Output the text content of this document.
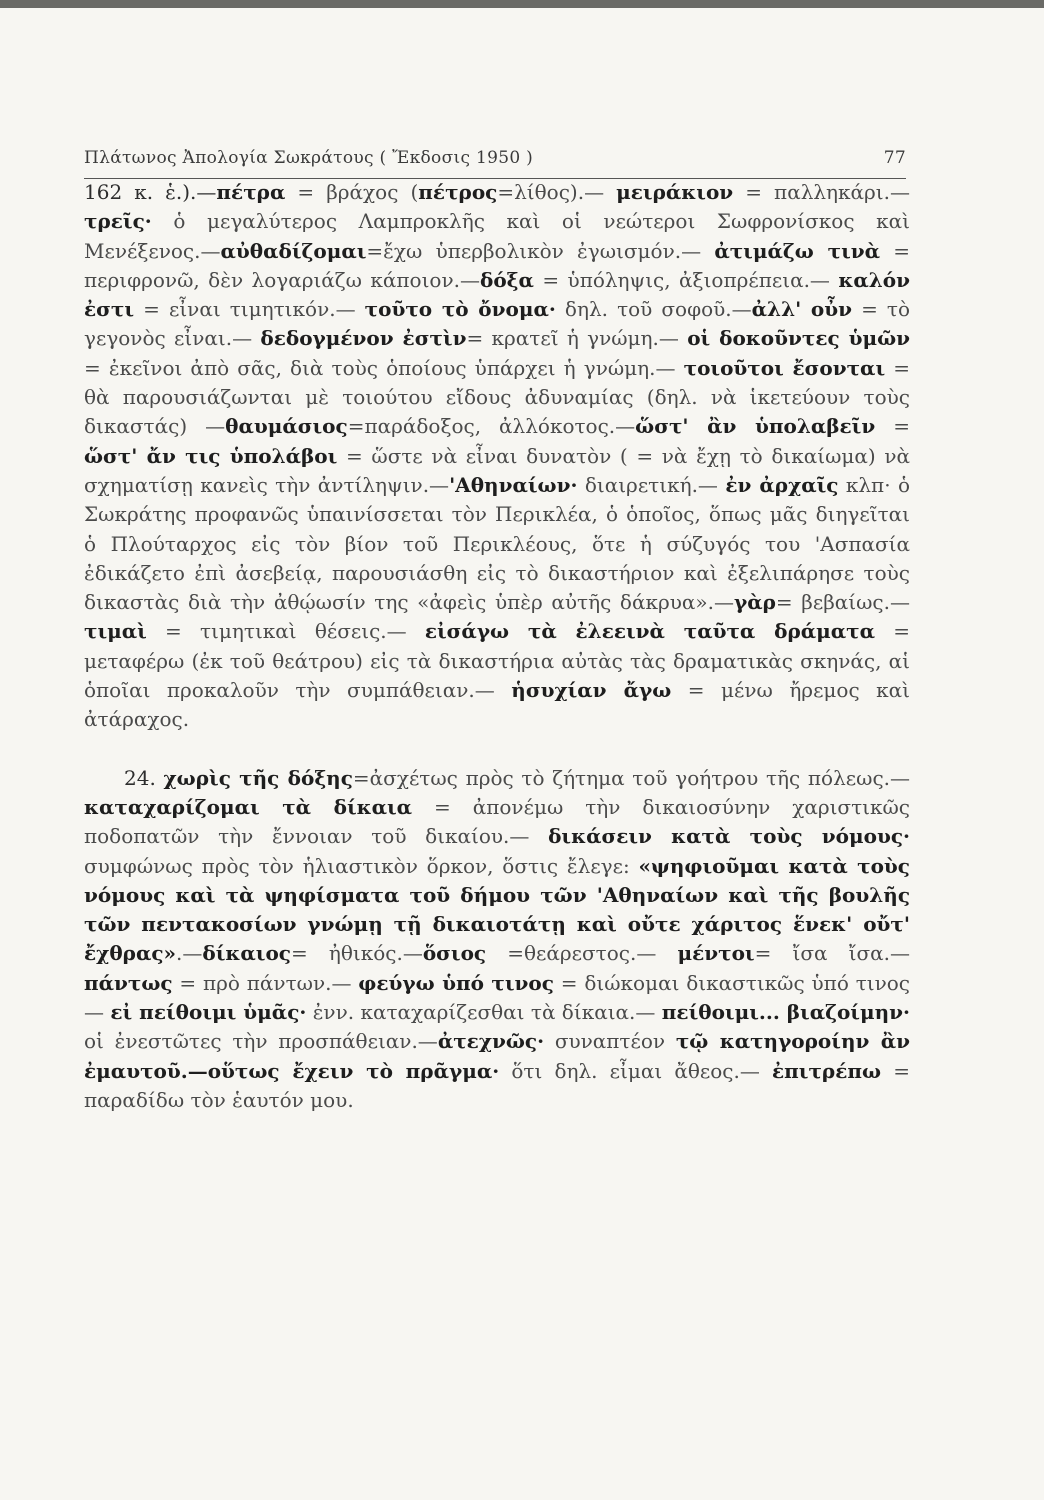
Πλάτωνος Ἀπολογία Σωκράτους ( Ἔκδοσις 1950 )	77

162 κ. ἑ.).—πέτρα = βράχος (πέτρος=λίθος).— μειράκιον = παλληκάρι.—τρεῖς· ὁ μεγαλύτερος Λαμπροκλῆς καὶ οἱ νεώτεροι Σωφρονίσκος καὶ Μενέξενος.—αὐθαδίζομαι=ἔχω ὑπερβολικὸν ἐγωισμόν.— ἀτιμάζω τινὰ = περιφρονῶ, δὲν λογαριάζω κάποιον.—δόξα = ὑπόληψις, ἀξιοπρέπεια.— καλόν ἐστι = εἶναι τιμητικόν.— τοῦτο τὸ ὄνομα· δηλ. τοῦ σοφοῦ.—ἀλλ' οὖν = τὸ γεγονὸς εἶναι.— δεδογμένον ἐστὶν= κρατεῖ ἡ γνώμη.— οἱ δοκοῦντες ὑμῶν = ἐκεῖνοι ἀπὸ σᾶς, διὰ τοὺς ὁποίους ὑπάρχει ἡ γνώμη.— τοιοῦτοι ἔσονται = θὰ παρουσιάζωνται μὲ τοιούτου εἴδους ἀδυναμίας (δηλ. νὰ ἱκετεύουν τοὺς δικαστάς) —θαυμάσιος=παράδοξος, ἀλλόκοτος.—ὥστ' ἂν ὑπολαβεῖν = ὥστ' ἄν τις ὑπολάβοι = ὥστε νὰ εἶναι δυνατὸν ( = νὰ ἔχῃ τὸ δικαίωμα) νὰ σχηματίσῃ κανεὶς τὴν ἀντίληψιν.—'Αθηναίων· διαιρετική.— ἐν ἀρχαῖς κλπ· ὁ Σωκράτης προφανῶς ὑπαινίσσεται τὸν Περικλέα, ὁ ὁποῖος, ὅπως μᾶς διηγεῖται ὁ Πλούταρχος εἰς τὸν βίον τοῦ Περικλέους, ὅτε ἡ σύζυγός του 'Ασπασία ἐδικάζετο ἐπὶ ἀσεβείᾳ, παρουσιάσθη εἰς τὸ δικαστήριον καὶ ἐξελιπάρησε τοὺς δικαστὰς διὰ τὴν ἀθῴωσίν της «ἀφεὶς ὑπὲρ αὐτῆς δάκρυα».—γὰρ= βεβαίως.— τιμαὶ = τιμητικαὶ θέσεις.— εἰσάγω τὰ ἐλεεινὰ ταῦτα δράματα = μεταφέρω (ἐκ τοῦ θεάτρου) εἰς τὰ δικαστήρια αὐτὰς τὰς δραματικὰς σκηνάς, αἱ ὁποῖαι προκαλοῦν τὴν συμπάθειαν.— ἡσυχίαν ἄγω = μένω ἤρεμος καὶ ἀτάραχος.

24. χωρὶς τῆς δόξης=ἀσχέτως πρὸς τὸ ζήτημα τοῦ γοήτρου τῆς πόλεως.—καταχαρίζομαι τὰ δίκαια = ἀπονέμω τὴν δικαιοσύνην χαριστικῶς ποδοπατῶν τὴν ἔννοιαν τοῦ δικαίου.— δικάσειν κατὰ τοὺς νόμους· συμφώνως πρὸς τὸν ἡλιαστικὸν ὅρκον, ὅστις ἔλεγε: «ψηφιοῦμαι κατὰ τοὺς νόμους καὶ τὰ ψηφίσματα τοῦ δήμου τῶν 'Αθηναίων καὶ τῆς βουλῆς τῶν πεντακοσίων γνώμῃ τῇ δικαιοτάτῃ καὶ οὔτε χάριτος ἕνεκ' οὔτ' ἔχθρας».—δίκαιος= ἠθικός.—ὅσιος =θεάρεστος.— μέντοι= ἴσα ἴσα.—πάντως = πρὸ πάντων.— φεύγω ὑπό τινος = διώκομαι δικαστικῶς ὑπό τινος— εἰ πείθοιμι ὑμᾶς· ἐνν. καταχαρίζεσθαι τὰ δίκαια.— πείθοιμι... βιαζοίμην· οἱ ἐνεστῶτες τὴν προσπάθειαν.—ἀτεχνῶς· συναπτέον τῷ κατηγοροίην ἂν ἐμαυτοῦ.—οὕτως ἔχειν τὸ πρᾶγμα· ὅτι δηλ. εἶμαι ἄθεος.— ἐπιτρέπω = παραδίδω τὸν ἑαυτόν μου.
